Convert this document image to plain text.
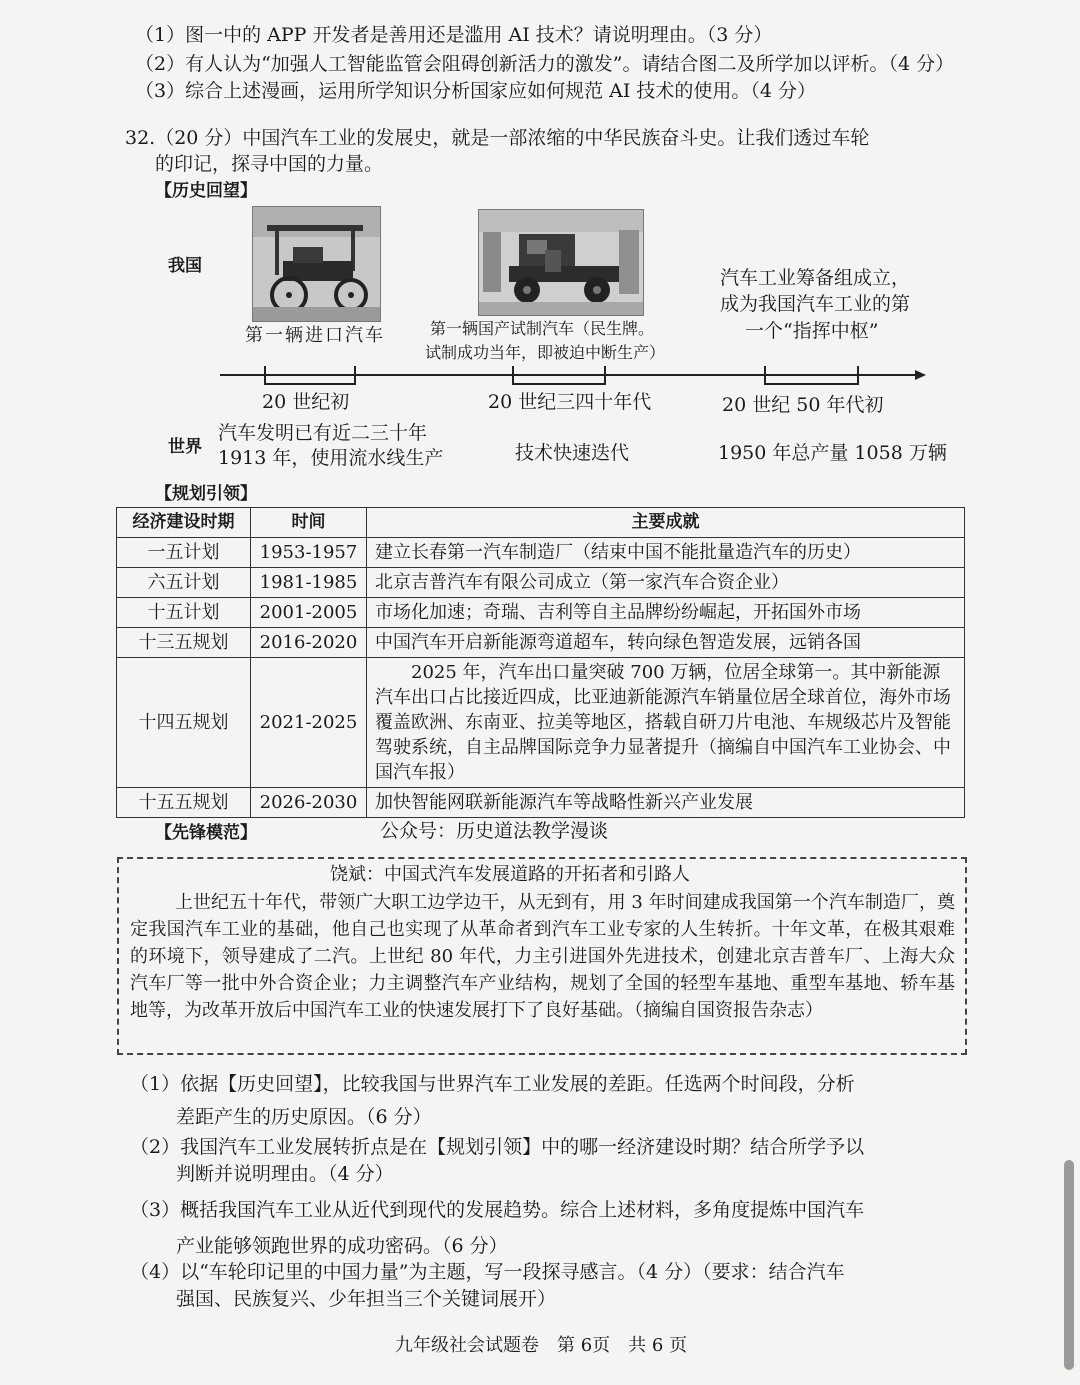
（1）图一中的 APP 开发者是善用还是滥用 AI 技术？请说明理由。（3 分）
（2）有人认为“加强人工智能监管会阻碍创新活力的激发”。请结合图二及所学加以评析。（4 分）
（3）综合上述漫画，运用所学知识分析国家应如何规范 AI 技术的使用。（4 分）
32.（20 分）中国汽车工业的发展史，就是一部浓缩的中华民族奋斗史。让我们透过车轮
的印记，探寻中国的力量。
【历史回望】
我国
第一辆进口汽车	第一辆国产试制汽车（民生牌。
试制成功当年，即被迫中断生产）
汽车工业筹备组成立，
成为我国汽车工业的第
一个“指挥中枢”
20 世纪初	20 世纪三四十年代	20 世纪 50 年代初
世界
汽车发明已有近二三十年
1913 年，使用流水线生产	技术快速迭代	1950 年总产量 1058 万辆
【规划引领】
经济建设时期	时间	主要成就
一五计划	1953-1957	建立长春第一汽车制造厂（结束中国不能批量造汽车的历史）
六五计划	1981-1985	北京吉普汽车有限公司成立（第一家汽车合资企业）
十五计划	2001-2005	市场化加速；奇瑞、吉利等自主品牌纷纷崛起，开拓国外市场
十三五规划	2016-2020	中国汽车开启新能源弯道超车，转向绿色智造发展，远销各国
十四五规划	2021-2025	2025 年，汽车出口量突破 700 万辆，位居全球第一。其中新能源汽车出口占比接近四成，比亚迪新能源汽车销量位居全球首位，海外市场覆盖欧洲、东南亚、拉美等地区，搭载自研刀片电池、车规级芯片及智能驾驶系统，自主品牌国际竞争力显著提升（摘编自中国汽车工业协会、中国汽车报）
十五五规划	2026-2030	加快智能网联新能源汽车等战略性新兴产业发展
【先锋模范】	公众号：历史道法教学漫谈
饶斌：中国式汽车发展道路的开拓者和引路人
上世纪五十年代，带领广大职工边学边干，从无到有，用 3 年时间建成我国第一个汽车制造厂，奠定我国汽车工业的基础，他自己也实现了从革命者到汽车工业专家的人生转折。十年文革，在极其艰难的环境下，领导建成了二汽。上世纪 80 年代，力主引进国外先进技术，创建北京吉普车厂、上海大众汽车厂等一批中外合资企业；力主调整汽车产业结构，规划了全国的轻型车基地、重型车基地、轿车基地等，为改革开放后中国汽车工业的快速发展打下了良好基础。（摘编自国资报告杂志）
（1）依据【历史回望】，比较我国与世界汽车工业发展的差距。任选两个时间段，分析
差距产生的历史原因。（6 分）
（2）我国汽车工业发展转折点是在【规划引领】中的哪一经济建设时期？结合所学予以
判断并说明理由。（4 分）
（3）概括我国汽车工业从近代到现代的发展趋势。综合上述材料，多角度提炼中国汽车
产业能够领跑世界的成功密码。（6 分）
（4）以“车轮印记里的中国力量”为主题，写一段探寻感言。（4 分）（要求：结合汽车
强国、民族复兴、少年担当三个关键词展开）
九年级社会试题卷　第 6页　共 6 页
